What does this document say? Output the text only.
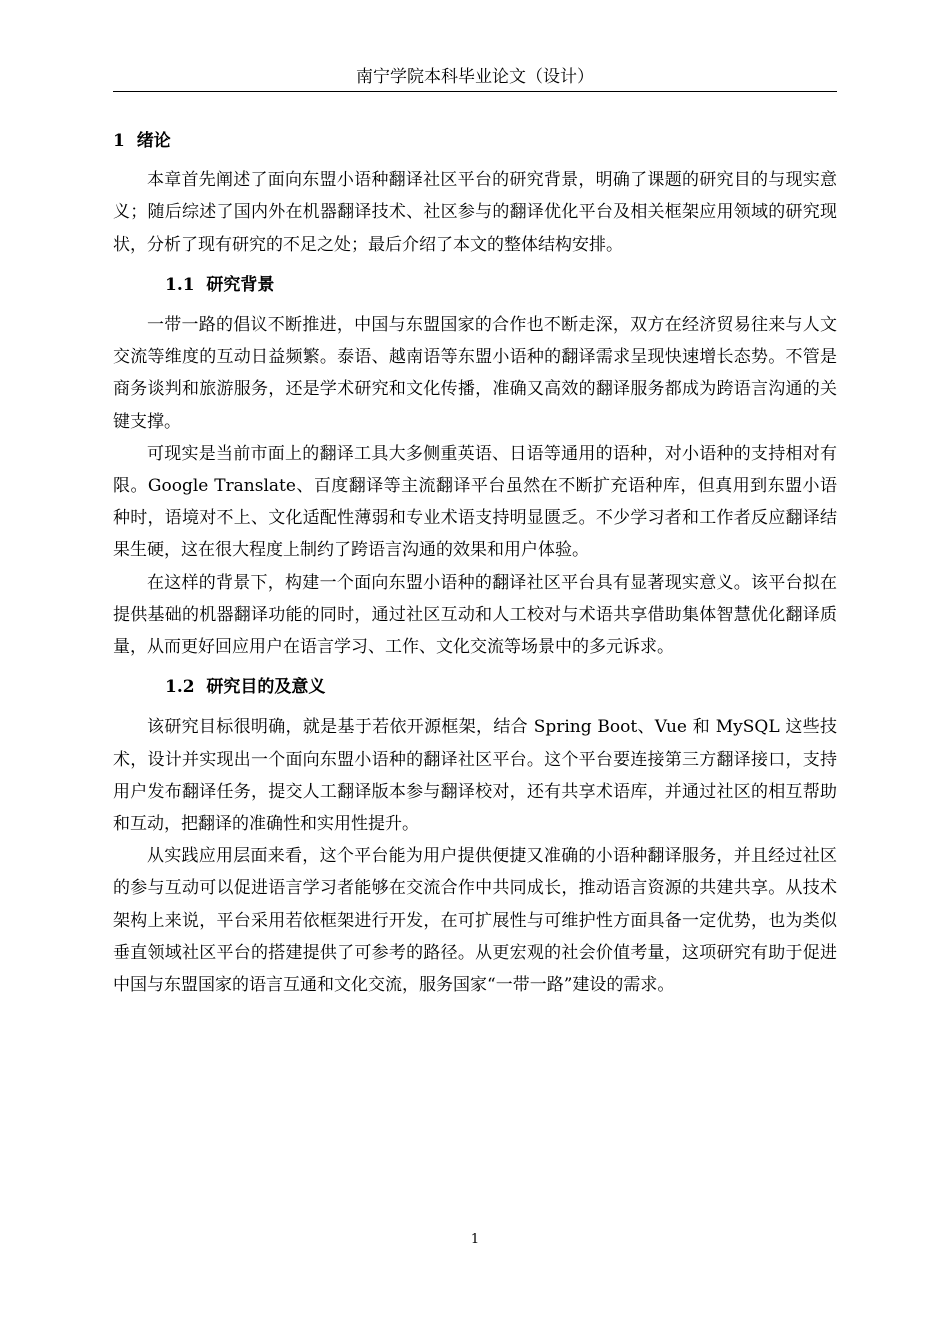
南宁学院本科毕业论文（设计）
1 绪论

本章首先阐述了面向东盟小语种翻译社区平台的研究背景，明确了课题的研究目的与现实意义；随后综述了国内外在机器翻译技术、社区参与的翻译优化平台及相关框架应用领域的研究现状，分析了现有研究的不足之处；最后介绍了本文的整体结构安排。

1.1 研究背景

一带一路的倡议不断推进，中国与东盟国家的合作也不断走深，双方在经济贸易往来与人文交流等维度的互动日益频繁。泰语、越南语等东盟小语种的翻译需求呈现快速增长态势。不管是商务谈判和旅游服务，还是学术研究和文化传播，准确又高效的翻译服务都成为跨语言沟通的关键支撑。

可现实是当前市面上的翻译工具大多侧重英语、日语等通用的语种，对小语种的支持相对有限。Google Translate、百度翻译等主流翻译平台虽然在不断扩充语种库，但真用到东盟小语种时，语境对不上、文化适配性薄弱和专业术语支持明显匮乏。不少学习者和工作者反应翻译结果生硬，这在很大程度上制约了跨语言沟通的效果和用户体验。

在这样的背景下，构建一个面向东盟小语种的翻译社区平台具有显著现实意义。该平台拟在提供基础的机器翻译功能的同时，通过社区互动和人工校对与术语共享借助集体智慧优化翻译质量，从而更好回应用户在语言学习、工作、文化交流等场景中的多元诉求。

1.2 研究目的及意义

该研究目标很明确，就是基于若依开源框架，结合 Spring Boot、Vue 和 MySQL 这些技术，设计并实现出一个面向东盟小语种的翻译社区平台。这个平台要连接第三方翻译接口，支持用户发布翻译任务，提交人工翻译版本参与翻译校对，还有共享术语库，并通过社区的相互帮助和互动，把翻译的准确性和实用性提升。

从实践应用层面来看，这个平台能为用户提供便捷又准确的小语种翻译服务，并且经过社区的参与互动可以促进语言学习者能够在交流合作中共同成长，推动语言资源的共建共享。从技术架构上来说，平台采用若依框架进行开发，在可扩展性与可维护性方面具备一定优势，也为类似垂直领域社区平台的搭建提供了可参考的路径。从更宏观的社会价值考量，这项研究有助于促进中国与东盟国家的语言互通和文化交流，服务国家“一带一路”建设的需求。

1
